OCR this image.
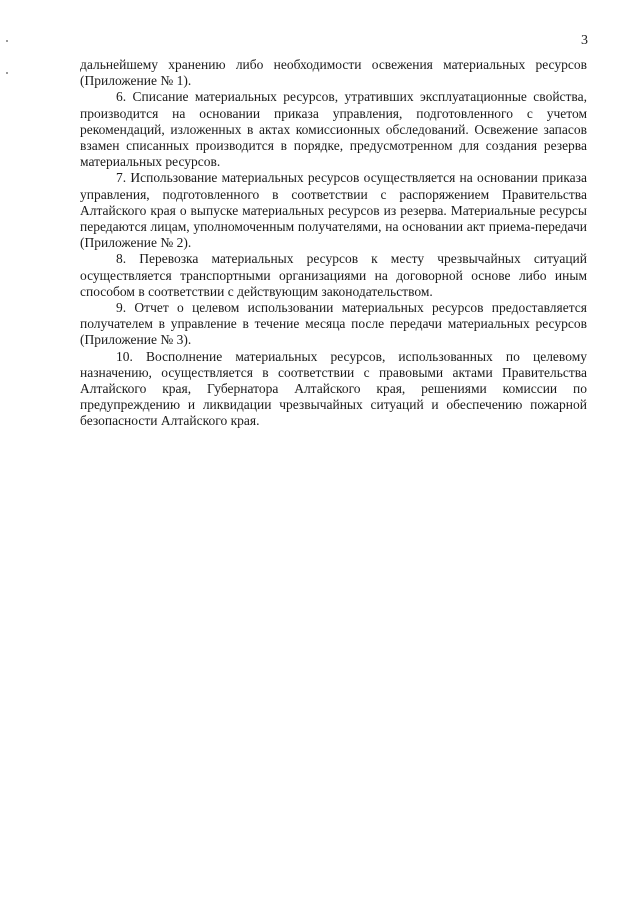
3

дальнейшему хранению либо необходимости освежения материальных ресурсов (Приложение № 1).

6. Списание материальных ресурсов, утративших эксплуатационные свойства, производится на основании приказа управления, подготовленного с учетом рекомендаций, изложенных в актах комиссионных обследований. Освежение запасов взамен списанных производится в порядке, предусмотренном для создания резерва материальных ресурсов.

7. Использование материальных ресурсов осуществляется на основании приказа управления, подготовленного в соответствии с распоряжением Правительства Алтайского края о выпуске материальных ресурсов из резерва. Материальные ресурсы передаются лицам, уполномоченным получателями, на основании акт приема-передачи (Приложение № 2).

8. Перевозка материальных ресурсов к месту чрезвычайных ситуаций осуществляется транспортными организациями на договорной основе либо иным способом в соответствии с действующим законодательством.

9. Отчет о целевом использовании материальных ресурсов предоставляется получателем в управление в течение месяца после передачи материальных ресурсов (Приложение № 3).

10. Восполнение материальных ресурсов, использованных по целевому назначению, осуществляется в соответствии с правовыми актами Правительства Алтайского края, Губернатора Алтайского края, решениями комиссии по предупреждению и ликвидации чрезвычайных ситуаций и обеспечению пожарной безопасности Алтайского края.
